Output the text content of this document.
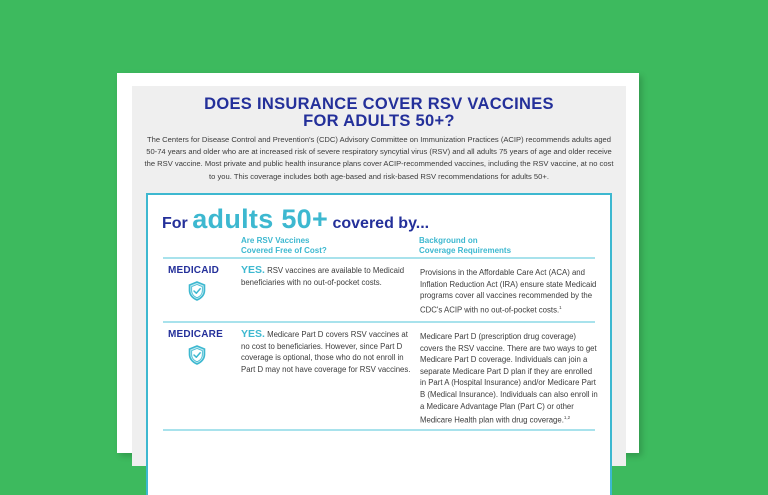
DOES INSURANCE COVER RSV VACCINES
FOR ADULTS 50+?
The Centers for Disease Control and Prevention's (CDC) Advisory Committee on Immunization Practices (ACIP) recommends adults aged 50-74 years and older who are at increased risk of severe respiratory syncytial virus (RSV) and all adults 75 years of age and older receive the RSV vaccine. Most private and public health insurance plans cover ACIP-recommended vaccines, including the RSV vaccine, at no cost to you. This coverage includes both age-based and risk-based RSV recommendations for adults 50+.
For adults 50+ covered by...
Are RSV Vaccines
Covered Free of Cost?
Background on
Coverage Requirements
MEDICAID YES. RSV vaccines are available to Medicaid beneficiaries with no out-of-pocket costs.
Provisions in the Affordable Care Act (ACA) and Inflation Reduction Act (IRA) ensure state Medicaid programs cover all vaccines recommended by the CDC's ACIP with no out-of-pocket costs.$^1$
MEDICARE YES. Medicare Part D covers RSV vaccines at no cost to beneficiaries. However, since Part D coverage is optional, those who do not enroll in Part D may not have coverage for RSV vaccines.
Medicare Part D (prescription drug coverage) covers the RSV vaccine. There are two ways to get Medicare Part D coverage. Individuals can join a separate Medicare Part D plan if they are enrolled in Part A (Hospital Insurance) and/or Medicare Part B (Medical Insurance). Individuals can also enroll in a Medicare Advantage Plan (Part C) or other Medicare Health plan with drug coverage.$^{1,2}$
